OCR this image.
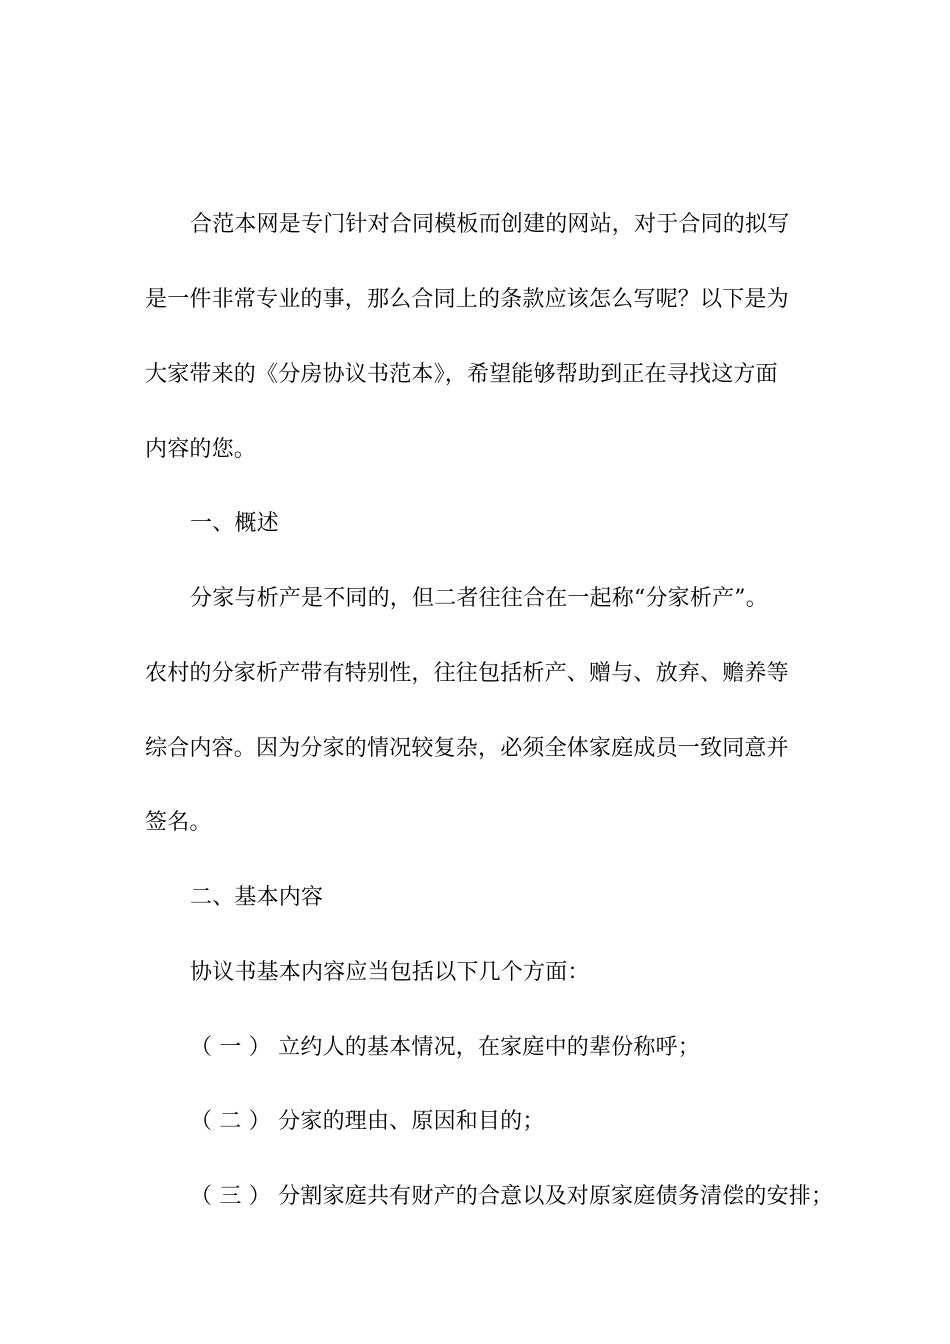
合范本网是专门针对合同模板而创建的网站，对于合同的拟写
是一件非常专业的事，那么合同上的条款应该怎么写呢？以下是为
大家带来的《分房协议书范本》，希望能够帮助到正在寻找这方面
内容的您。
一、概述
分家与析产是不同的，但二者往往合在一起称“分家析产”。
农村的分家析产带有特别性，往往包括析产、赠与、放弃、赡养等
综合内容。因为分家的情况较复杂，必须全体家庭成员一致同意并
签名。
二、基本内容
协议书基本内容应当包括以下几个方面：
（ 一 ） 立约人的基本情况，在家庭中的辈份称呼；
（ 二 ） 分家的理由、原因和目的；
（ 三 ） 分割家庭共有财产的合意以及对原家庭债务清偿的安排；
